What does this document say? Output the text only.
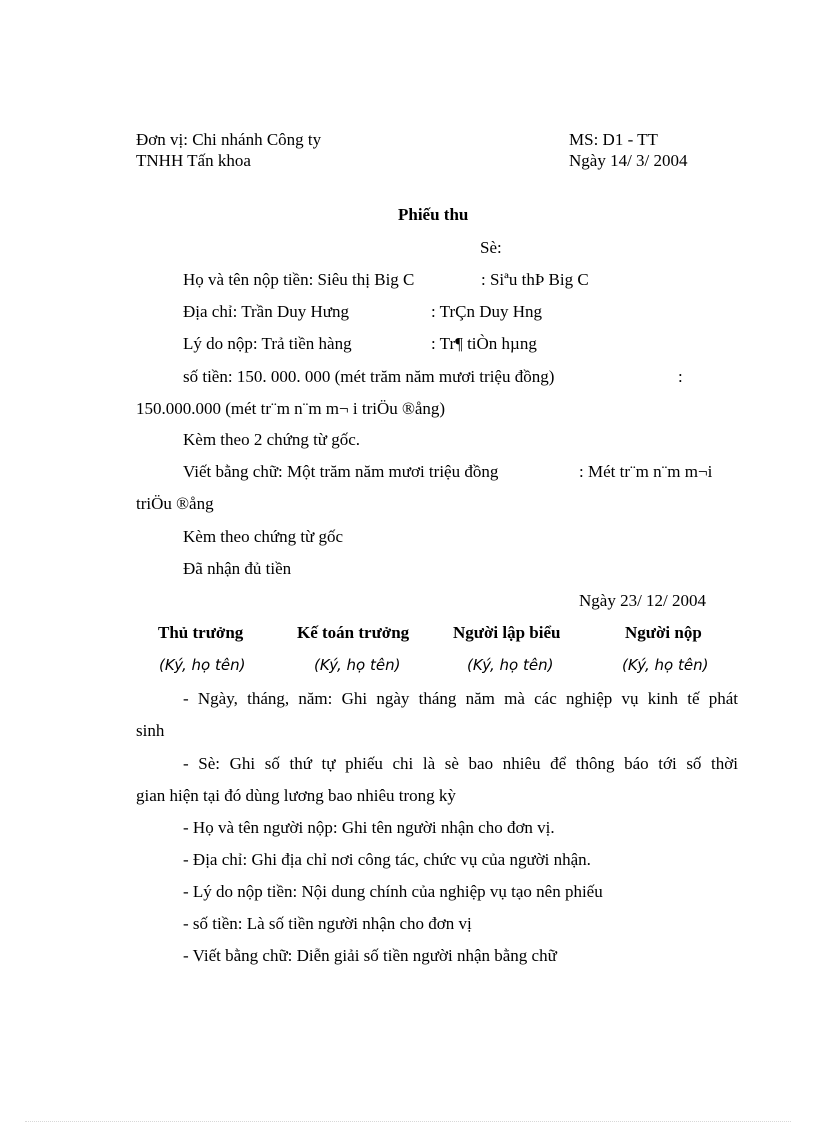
Đơn vị: Chi nhánh Công ty
TNHH Tấn khoa
MS: D1 - TT
Ngày 14/ 3/ 2004
Phiếu thu
Sè:
Họ và tên nộp tiền: Siêu thị Big C	: Siªu thÞ Big C
Địa chỉ: Trần Duy Hưng	: TrÇn Duy Hng
Lý do nộp: Trả tiền hàng	: Tr¶ tiÒn hµng
số tiền: 150. 000. 000 (mét trăm năm mươi triệu đồng)	:
150.000.000 (mét tr¨m n¨m m¬ i triÖu ®ång)
Kèm theo 2 chứng từ gốc.
Viết bằng chữ: Một trăm năm mươi triệu đồng	: Mét tr¨m n¨m m¬i
triÖu ®ång
Kèm theo chứng từ gốc
Đã nhận đủ tiền
Ngày 23/ 12/ 2004
Thủ trưởng	Kế toán trưởng	Người lập biểu	Người nộp
(Ký, họ tên)	(Ký, họ tên)	(Ký, họ tên)	(Ký, họ tên)
- Ngày, tháng, năm: Ghi ngày tháng năm mà các nghiệp vụ kinh tế phát
sinh
- Sè: Ghi số thứ tự phiếu chi là sè bao nhiêu để thông báo tới số thời
gian hiện tại đó dùng lương bao nhiêu trong kỳ
- Họ và tên người nộp: Ghi tên người nhận cho đơn vị.
- Địa chỉ: Ghi địa chỉ nơi công tác, chức vụ của người nhận.
- Lý do nộp tiền: Nội dung chính của nghiệp vụ tạo nên phiếu
- số tiền: Là số tiền người nhận cho đơn vị
- Viết bằng chữ: Diễn giải số tiền người nhận bằng chữ
